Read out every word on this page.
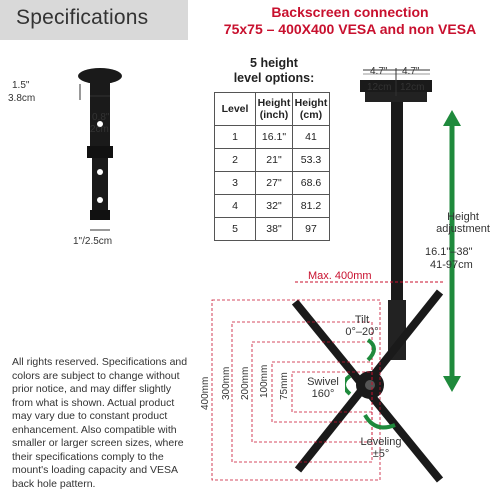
Specifications	Backscreen connection
75x75 – 400X400 VESA and non VESA
1.5"
3.8cm
0.8"
2cm
1"/2.5cm
5 height
level options:
Level	Height (inch)	Height (cm)
1	16.1"	41
2	21"	53.3
3	27"	68.6
4	32"	81.2
5	38"	97
4.7" 4.7"
12cm 12cm
Height
adjustment
16.1"–38"
41-97cm
Max. 400mm
Tilt
0°–20°
Swivel
160°
Leveling
±5°
400mm 300mm 200mm 100mm 75mm
All rights reserved. Specifications and colors are subject to change without prior notice, and may differ slightly from what is shown. Actual product may vary due to constant product enhancement. Also compatible with smaller or larger screen sizes, where their specifications comply to the mount's loading capacity and VESA back hole pattern.
